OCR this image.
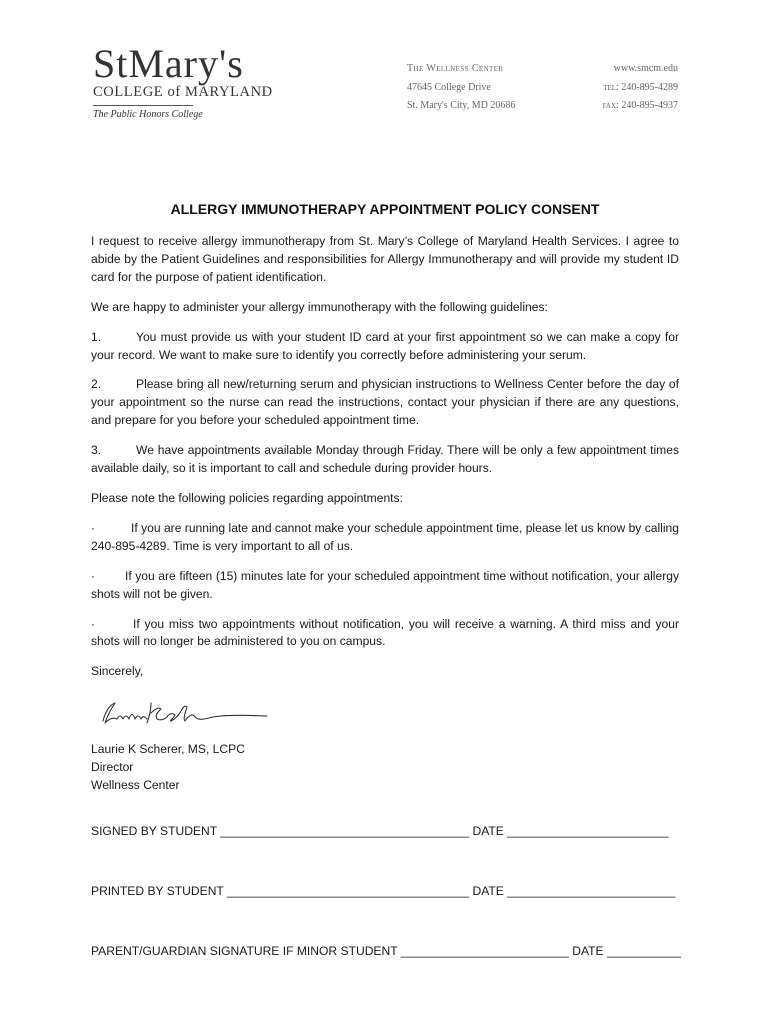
StMary's
COLLEGE of MARYLAND
The Public Honors College
The Wellness Center
47645 College Drive
St. Mary's City, MD 20686
www.smcm.edu
tel: 240-895-4289
fax: 240-895-4937
ALLERGY IMMUNOTHERAPY APPOINTMENT POLICY CONSENT

I request to receive allergy immunotherapy from St. Mary’s College of Maryland Health Services. I agree to abide by the Patient Guidelines and responsibilities for Allergy Immunotherapy and will provide my student ID card for the purpose of patient identification.

We are happy to administer your allergy immunotherapy with the following guidelines:

1.	You must provide us with your student ID card at your first appointment so we can make a copy for your record. We want to make sure to identify you correctly before administering your serum.

2.	Please bring all new/returning serum and physician instructions to Wellness Center before the day of your appointment so the nurse can read the instructions, contact your physician if there are any questions, and prepare for you before your scheduled appointment time.

3.	We have appointments available Monday through Friday. There will be only a few appointment times available daily, so it is important to call and schedule during provider hours.

Please note the following policies regarding appointments:

·	If you are running late and cannot make your schedule appointment time, please let us know by calling 240-895-4289. Time is very important to all of us.

· If you are fifteen (15) minutes late for your scheduled appointment time without notification, your allergy shots will not be given.

·	If you miss two appointments without notification, you will receive a warning. A third miss and your shots will no longer be administered to you on campus.

Sincerely,

Laurie K Scherer, MS, LCPC

Director

Wellness Center

SIGNED BY STUDENT _____________________________________ DATE ________________________
PRINTED BY STUDENT ____________________________________ DATE _________________________
PARENT/GUARDIAN SIGNATURE IF MINOR STUDENT _________________________ DATE ___________
